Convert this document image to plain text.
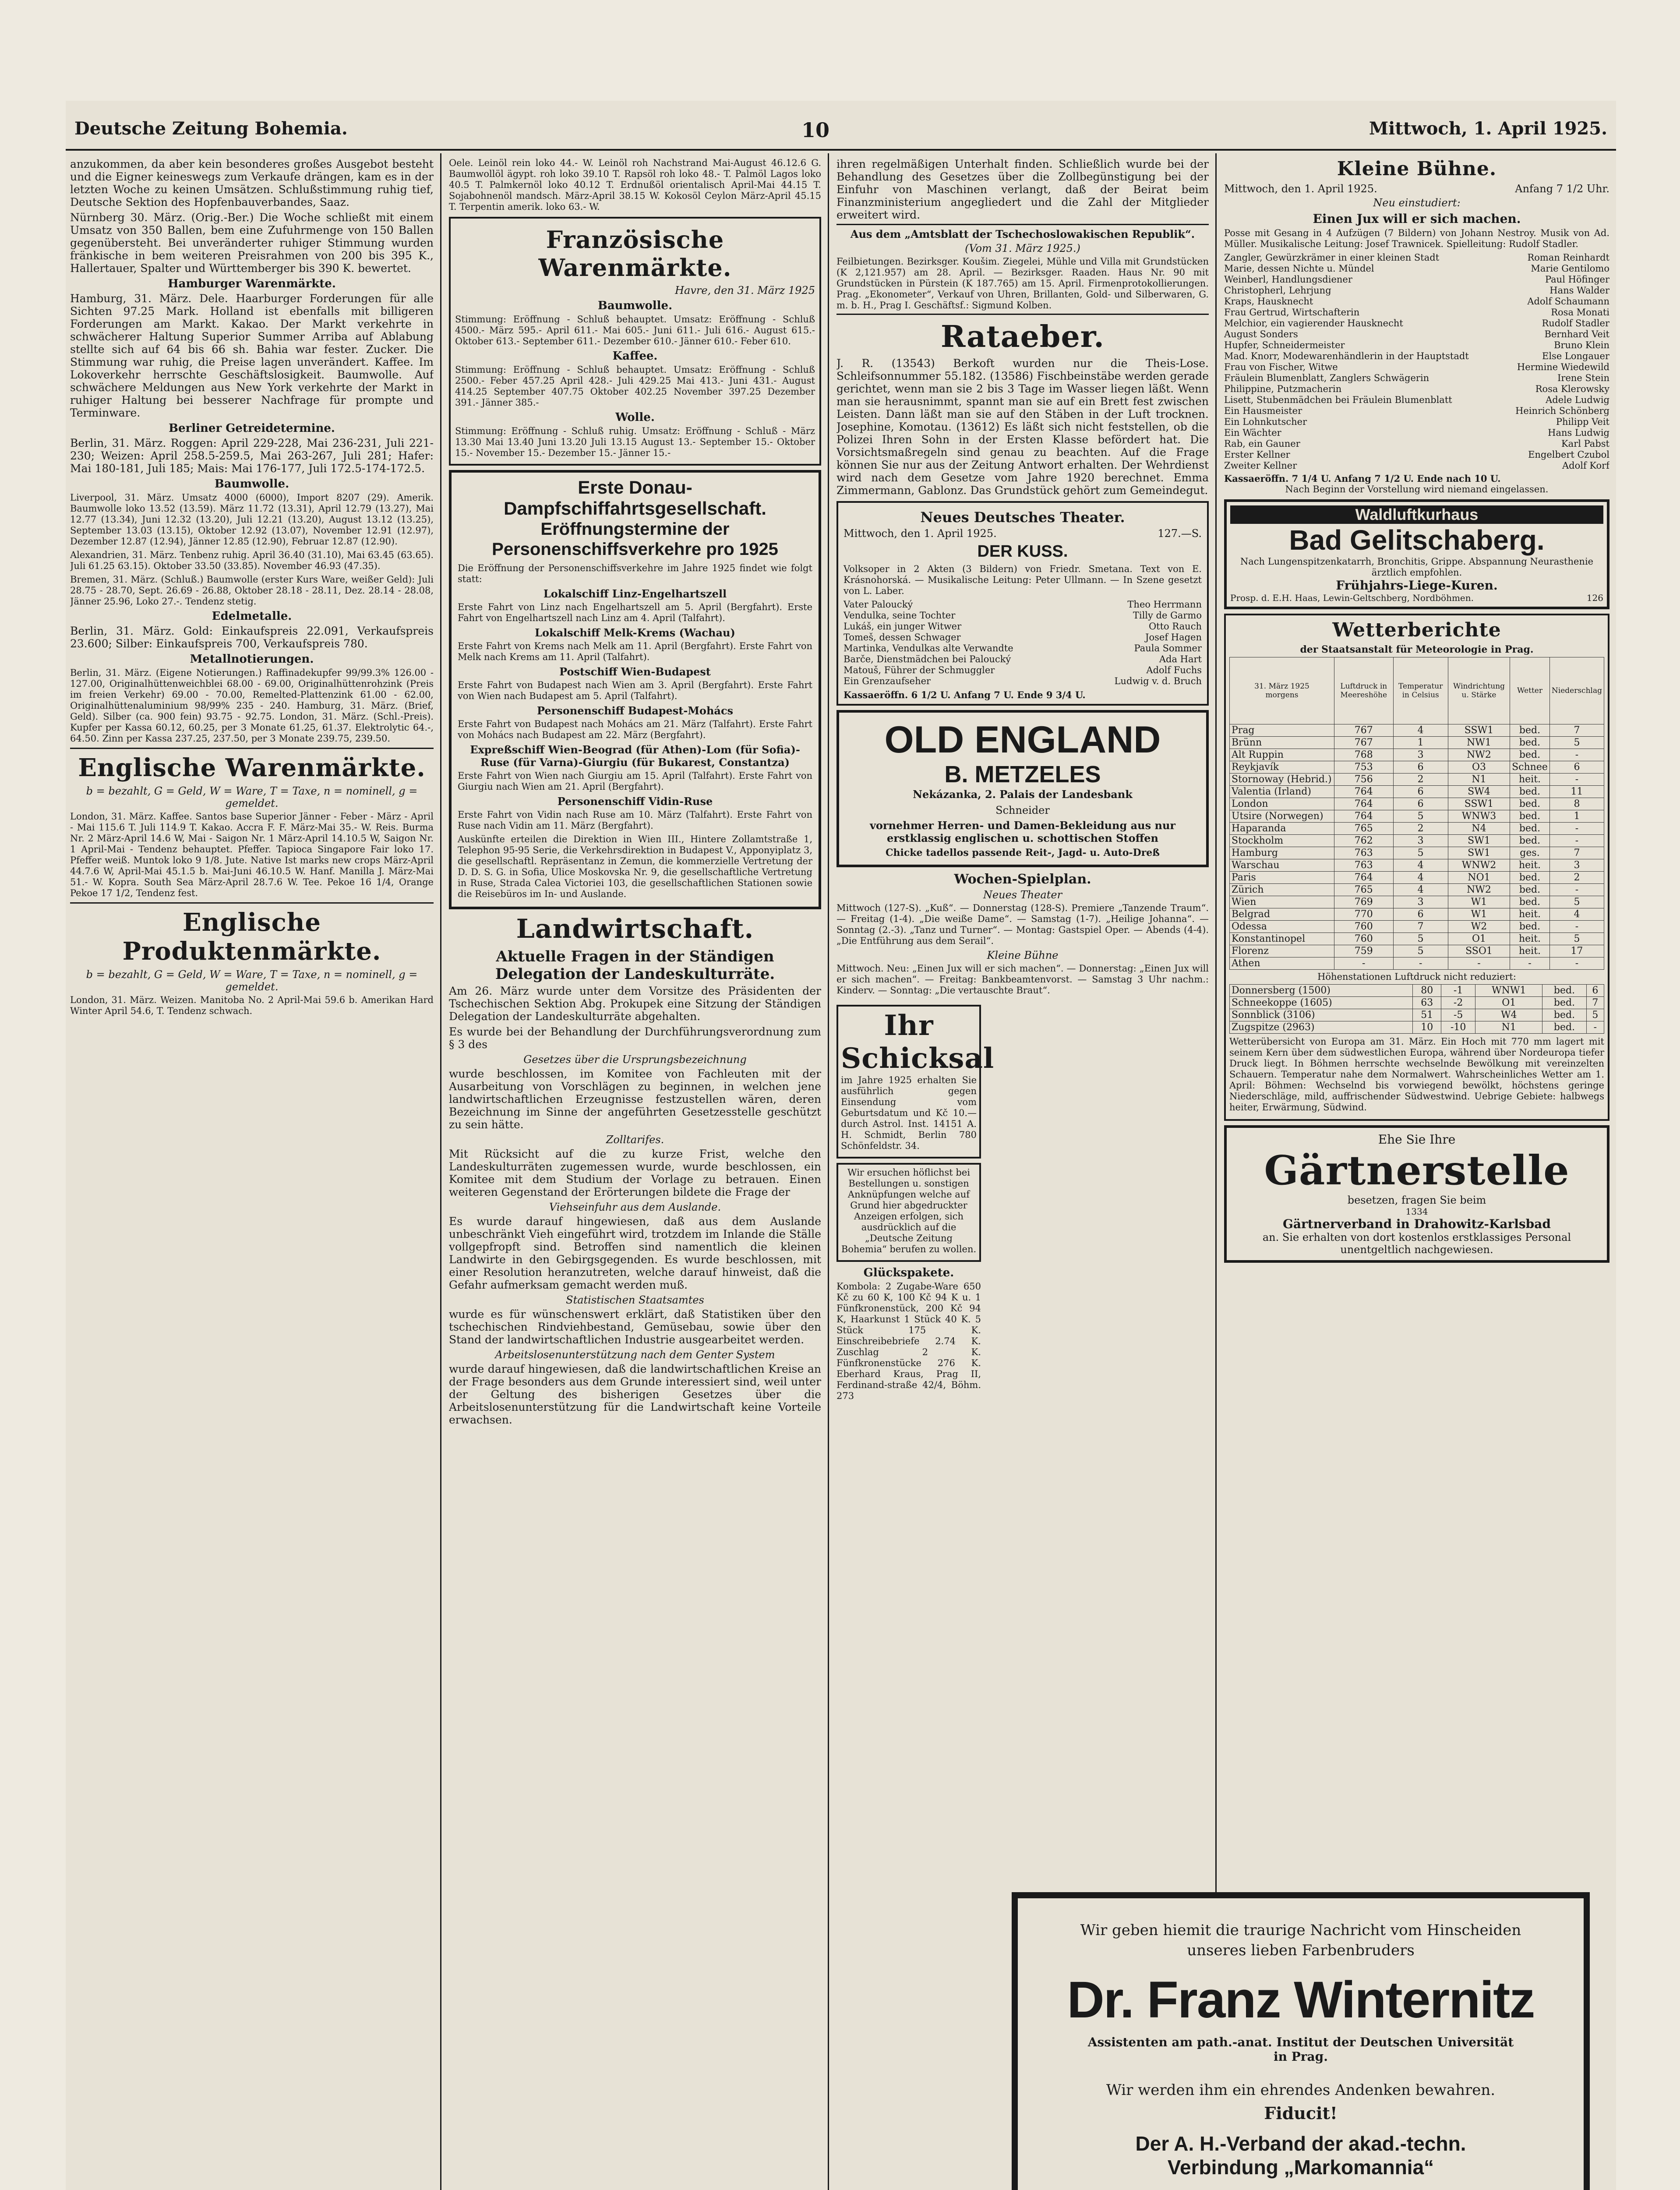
Deutsche Zeitung Bohemia.	10	Mittwoch, 1. April 1925.

anzukommen, da aber kein besonderes großes Ausgebot besteht und die Eigner keineswegs zum Verkaufe drängen, kam es in der letzten Woche zu keinen Umsätzen. Schlußstimmung ruhig tief, Deutsche Sektion des Hopfenbauverbandes, Saaz.

Nürnberg 30. März. (Orig.-Ber.) Die Woche schließt mit einem Umsatz von 350 Ballen, bem eine Zufuhrmenge von 150 Ballen gegenübersteht. Bei unveränderter ruhiger Stimmung wurden fränkische in bem weiteren Preisrahmen von 200 bis 395 K., Hallertauer, Spalter und Württemberger bis 390 K. bewertet.

Hamburger Warenmärkte.

Hamburg, 31. März. Dele. Haarburger Forderungen für alle Sichten 97.25 Mark. Holland ist ebenfalls mit billigeren Forderungen am Markt. Kakao. Der Markt verkehrte in schwächerer Haltung Superior Summer Arriba auf Ablabung stellte sich auf 64 bis 66 sh. Bahia war fester. Zucker. Die Stimmung war ruhig, die Preise lagen unverändert. Kaffee. Im Lokoverkehr herrschte Geschäftslosigkeit. Baumwolle. Auf schwächere Meldungen aus New York verkehrte der Markt in ruhiger Haltung bei besserer Nachfrage für prompte und Terminware.

Berliner Getreidetermine.

Berlin, 31. März. Roggen: April 229-228, Mai 236-231, Juli 221-230; Weizen: April 258.5-259.5, Mai 263-267, Juli 281; Hafer: Mai 180-181, Juli 185; Mais: Mai 176-177, Juli 172.5-174-172.5.

Baumwolle.

Liverpool, 31. März. Umsatz 4000 (6000), Import 8207 (29). Amerik. Baumwolle loko 13.52 (13.59). März 11.72 (13.31), April 12.79 (13.27), Mai 12.77 (13.34), Juni 12.32 (13.20), Juli 12.21 (13.20), August 13.12 (13.25), September 13.03 (13.15), Oktober 12.92 (13.07), November 12.91 (12.97), Dezember 12.87 (12.94), Jänner 12.85 (12.90), Februar 12.87 (12.90).

Alexandrien, 31. März. Tenbenz ruhig. April 36.40 (31.10), Mai 63.45 (63.65). Juli 61.25 63.15). Oktober 33.50 (33.85). November 46.93 (47.35).

Bremen, 31. März. (Schluß.) Baumwolle (erster Kurs Ware, weißer Geld): Juli 28.75 - 28.70, Sept. 26.69 - 26.88, Oktober 28.18 - 28.11, Dez. 28.14 - 28.08, Jänner 25.96, Loko 27.-. Tendenz stetig.

Edelmetalle.

Berlin, 31. März. Gold: Einkaufspreis 22.091, Verkaufspreis 23.600; Silber: Einkaufspreis 700, Verkaufspreis 780.

Metallnotierungen.

Berlin, 31. März. (Eigene Notierungen.) Raffinadekupfer 99/99.3% 126.00 - 127.00, Originalhüttenweichblei 68.00 - 69.00, Originalhüttenrohzink (Preis im freien Verkehr) 69.00 - 70.00, Remelted-Plattenzink 61.00 - 62.00, Originalhüttenaluminium 98/99% 235 - 240. Hamburg, 31. März. (Brief, Geld). Silber (ca. 900 fein) 93.75 - 92.75. London, 31. März. (Schl.-Preis). Kupfer per Kassa 60.12, 60.25, per 3 Monate 61.25, 61.37. Elektrolytic 64.-, 64.50. Zinn per Kassa 237.25, 237.50, per 3 Monate 239.75, 239.50.

Englische Warenmärkte.
b = bezahlt, G = Geld, W = Ware, T = Taxe, n = nominell, g = gemeldet.

London, 31. März. Kaffee. Santos base Superior Jänner - Feber - März - April - Mai 115.6 T. Juli 114.9 T. Kakao. Accra F. F. März-Mai 35.- W. Reis. Burma Nr. 2 März-April 14.6 W, Mai - Saigon Nr. 1 März-April 14.10.5 W, Saigon Nr. 1 April-Mai - Tendenz behauptet. Pfeffer. Tapioca Singapore Fair loko 17. Pfeffer weiß. Muntok loko 9 1/8. Jute. Native Ist marks new crops März-April 44.7.6 W, April-Mai 45.1.5 b. Mai-Juni 46.10.5 W. Hanf. Manilla J. März-Mai 51.- W. Kopra. South Sea März-April 28.7.6 W. Tee. Pekoe 16 1/4, Orange Pekoe 17 1/2, Tendenz fest.

Englische Produktenmärkte.
b = bezahlt, G = Geld, W = Ware, T = Taxe, n = nominell, g = gemeldet.

London, 31. März. Weizen. Manitoba No. 2 April-Mai 59.6 b. Amerikan Hard Winter April 54.6, T. Tendenz schwach.

Oele. Leinöl rein loko 44.- W. Leinöl roh Nachstrand Mai-August 46.12.6 G. Baumwollöl ägypt. roh loko 39.10 T. Rapsöl roh loko 48.- T. Palmöl Lagos loko 40.5 T. Palmkernöl loko 40.12 T. Erdnußöl orientalisch April-Mai 44.15 T. Sojabohnenöl mandsch. März-April 38.15 W. Kokosöl Ceylon März-April 45.15 T. Terpentin amerik. loko 63.- W.

Französische Warenmärkte.
Havre, den 31. März 1925
Baumwolle.

Stimmung: Eröffnung - Schluß behauptet. Umsatz: Eröffnung - Schluß 4500.- März 595.- April 611.- Mai 605.- Juni 611.- Juli 616.- August 615.- Oktober 613.- September 611.- Dezember 610.- Jänner 610.- Feber 610.

Kaffee.

Stimmung: Eröffnung - Schluß behauptet. Umsatz: Eröffnung - Schluß 2500.- Feber 457.25 April 428.- Juli 429.25 Mai 413.- Juni 431.- August 414.25 September 407.75 Oktober 402.25 November 397.25 Dezember 391.- Jänner 385.-

Wolle.

Stimmung: Eröffnung - Schluß ruhig. Umsatz: Eröffnung - Schluß - März 13.30 Mai 13.40 Juni 13.20 Juli 13.15 August 13.- September 15.- Oktober 15.- November 15.- Dezember 15.- Jänner 15.-

Erste Donau-Dampfschiffahrtsgesellschaft.
Eröffnungstermine der Personenschiffsverkehre pro 1925

Die Eröffnung der Personenschiffsverkehre im Jahre 1925 findet wie folgt statt:

Lokalschiff Linz-Engelhartszell

Erste Fahrt von Linz nach Engelhartszell am 5. April (Bergfahrt). Erste Fahrt von Engelhartszell nach Linz am 4. April (Talfahrt).

Lokalschiff Melk-Krems (Wachau)

Erste Fahrt von Krems nach Melk am 11. April (Bergfahrt). Erste Fahrt von Melk nach Krems am 11. April (Talfahrt).

Postschiff Wien-Budapest

Erste Fahrt von Budapest nach Wien am 3. April (Bergfahrt). Erste Fahrt von Wien nach Budapest am 5. April (Talfahrt).

Personenschiff Budapest-Mohács

Erste Fahrt von Budapest nach Mohács am 21. März (Talfahrt). Erste Fahrt von Mohács nach Budapest am 22. März (Bergfahrt).

Expreßschiff Wien-Beograd (für Athen)-Lom (für Sofia)-Ruse (für Varna)-Giurgiu (für Bukarest, Constantza)

Erste Fahrt von Wien nach Giurgiu am 15. April (Talfahrt). Erste Fahrt von Giurgiu nach Wien am 21. April (Bergfahrt).

Personenschiff Vidin-Ruse

Erste Fahrt von Vidin nach Ruse am 10. März (Talfahrt). Erste Fahrt von Ruse nach Vidin am 11. März (Bergfahrt).

Auskünfte erteilen die Direktion in Wien III., Hintere Zollamtstraße 1, Telephon 95-95 Serie, die Verkehrsdirektion in Budapest V., Apponyiplatz 3, die gesellschaftl. Repräsentanz in Zemun, die kommerzielle Vertretung der D. D. S. G. in Sofia, Ulice Moskovska Nr. 9, die gesellschaftliche Vertretung in Ruse, Strada Calea Victoriei 103, die gesellschaftlichen Stationen sowie die Reisebüros im In- und Auslande.

Landwirtschaft.
Aktuelle Fragen in der Ständigen Delegation der Landeskulturräte.

Am 26. März wurde unter dem Vorsitze des Präsidenten der Tschechischen Sektion Abg. Prokupek eine Sitzung der Ständigen Delegation der Landeskulturräte abgehalten.

Es wurde bei der Behandlung der Durchführungsverordnung zum § 3 des

Gesetzes über die Ursprungsbezeichnung

wurde beschlossen, im Komitee von Fachleuten mit der Ausarbeitung von Vorschlägen zu beginnen, in welchen jene landwirtschaftlichen Erzeugnisse festzustellen wären, deren Bezeichnung im Sinne der angeführten Gesetzesstelle geschützt zu sein hätte.

Zolltarifes.

Mit Rücksicht auf die zu kurze Frist, welche den Landeskulturräten zugemessen wurde, wurde beschlossen, ein Komitee mit dem Studium der Vorlage zu betrauen. Einen weiteren Gegenstand der Erörterungen bildete die Frage der

Viehseinfuhr aus dem Auslande.

Es wurde darauf hingewiesen, daß aus dem Auslande unbeschränkt Vieh eingeführt wird, trotzdem im Inlande die Ställe vollgepfropft sind. Betroffen sind namentlich die kleinen Landwirte in den Gebirgsgegenden. Es wurde beschlossen, mit einer Resolution heranzutreten, welche darauf hinweist, daß die Gefahr aufmerksam gemacht werden muß.

Statistischen Staatsamtes

wurde es für wünschenswert erklärt, daß Statistiken über den tschechischen Rindviehbestand, Gemüsebau, sowie über den Stand der landwirtschaftlichen Industrie ausgearbeitet werden.

Arbeitslosenunterstützung nach dem Genter System

wurde darauf hingewiesen, daß die landwirtschaftlichen Kreise an der Frage besonders aus dem Grunde interessiert sind, weil unter der Geltung des bisherigen Gesetzes über die Arbeitslosenunterstützung für die Landwirtschaft keine Vorteile erwachsen.

ihren regelmäßigen Unterhalt finden. Schließlich wurde bei der Behandlung des Gesetzes über die Zollbegünstigung bei der Einfuhr von Maschinen verlangt, daß der Beirat beim Finanzministerium angegliedert und die Zahl der Mitglieder erweitert wird.

Aus dem „Amtsblatt der Tschechoslowakischen Republik“.
(Vom 31. März 1925.)

Feilbietungen. Bezirksger. Koušim. Ziegelei, Mühle und Villa mit Grundstücken (K 2,121.957) am 28. April. — Bezirksger. Raaden. Haus Nr. 90 mit Grundstücken in Pürstein (K 187.765) am 15. April. Firmenprotokollierungen. Prag. „Ekonometer“, Verkauf von Uhren, Brillanten, Gold- und Silberwaren, G. m. b. H., Prag I. Geschäftsf.: Sigmund Kolben.

Rataeber.

J. R. (13543) Berkoft wurden nur die Theis-Lose. Schleifsonnummer 55.182. (13586) Fischbeinstäbe werden gerade gerichtet, wenn man sie 2 bis 3 Tage im Wasser liegen läßt. Wenn man sie herausnimmt, spannt man sie auf ein Brett fest zwischen Leisten. Dann läßt man sie auf den Stäben in der Luft trocknen. Josephine, Komotau. (13612) Es läßt sich nicht feststellen, ob die Polizei Ihren Sohn in der Ersten Klasse befördert hat. Die Vorsichtsmaßregeln sind genau zu beachten. Auf die Frage können Sie nur aus der Zeitung Antwort erhalten. Der Wehrdienst wird nach dem Gesetze vom Jahre 1920 berechnet. Emma Zimmermann, Gablonz. Das Grundstück gehört zum Gemeindegut.

Neues Deutsches Theater.
Mittwoch, den 1. April 1925.	127.—S.
DER KUSS.

Volksoper in 2 Akten (3 Bildern) von Friedr. Smetana. Text von E. Krásnohorská. — Musikalische Leitung: Peter Ullmann. — In Szene gesetzt von L. Laber.

Vater Paloucký	Theo Herrmann
Vendulka, seine Tochter	Tilly de Garmo
Lukáš, ein junger Witwer	Otto Rauch
Tomeš, dessen Schwager	Josef Hagen
Martinka, Vendulkas alte Verwandte	Paula Sommer
Barče, Dienstmädchen bei Paloucký	Ada Hart
Matouš, Führer der Schmuggler	Adolf Fuchs
Ein Grenzaufseher	Ludwig v. d. Bruch
Kassaeröffn. 6 1/2 U. Anfang 7 U. Ende 9 3/4 U.
OLD ENGLAND
B. METZELES
Nekázanka, 2. Palais der Landesbank
Schneider
vornehmer Herren- und Damen-Bekleidung aus nur erstklassig englischen u. schottischen Stoffen
Chicke tadellos passende Reit-, Jagd- u. Auto-Dreß
Wochen-Spielplan.
Neues Theater

Mittwoch (127-S). „Kuß“. — Donnerstag (128-S). Premiere „Tanzende Traum“. — Freitag (1-4). „Die weiße Dame“. — Samstag (1-7). „Heilige Johanna“. — Sonntag (2.-3). „Tanz und Turner“. — Montag: Gastspiel Oper. — Abends (4-4). „Die Entführung aus dem Serail“.

Kleine Bühne

Mittwoch. Neu: „Einen Jux will er sich machen“. — Donnerstag: „Einen Jux will er sich machen“. — Freitag: Bankbeamtenvorst. — Samstag 3 Uhr nachm.: Kinderv. — Sonntag: „Die vertauschte Braut“.

Ihr Schicksal

im Jahre 1925 erhalten Sie ausführlich gegen Einsendung vom Geburtsdatum und Kč 10.— durch Astrol. Inst. 14151 A. H. Schmidt, Berlin 780 Schönfeldstr. 34.

Wir ersuchen höflichst bei Bestellungen u. sonstigen Anknüpfungen welche auf Grund hier abgedruckter Anzeigen erfolgen, sich ausdrücklich auf die „Deutsche Zeitung Bohemia“ berufen zu wollen.

Glückspakete.

Kombola: 2 Zugabe-Ware 650 Kč zu 60 K, 100 Kč 94 K u. 1 Fünfkronenstück, 200 Kč 94 K, Haarkunst 1 Stück 40 K. 5 Stück 175 K. Einschreibebriefe 2.74 K. Zuschlag 2 K. Fünfkronenstücke 276 K. Eberhard Kraus, Prag II, Ferdinand-straße 42/4, Böhm. 273

Kleine Bühne.
Mittwoch, den 1. April 1925.	Anfang 7 1/2 Uhr.
Neu einstudiert:
Einen Jux will er sich machen.

Posse mit Gesang in 4 Aufzügen (7 Bildern) von Johann Nestroy. Musik von Ad. Müller. Musikalische Leitung: Josef Trawnicek. Spielleitung: Rudolf Stadler.

Zangler, Gewürzkrämer in einer kleinen Stadt	Roman Reinhardt
Marie, dessen Nichte u. Mündel	Marie Gentilomo
Weinberl, Handlungsdiener	Paul Höfinger
Christopherl, Lehrjung	Hans Walder
Kraps, Hausknecht	Adolf Schaumann
Frau Gertrud, Wirtschafterin	Rosa Monati
Melchior, ein vagierender Hausknecht	Rudolf Stadler
August Sonders	Bernhard Veit
Hupfer, Schneidermeister	Bruno Klein
Mad. Knorr, Modewarenhändlerin in der Hauptstadt	Else Longauer
Frau von Fischer, Witwe	Hermine Wiedewild
Fräulein Blumenblatt, Zanglers Schwägerin	Irene Stein
Philippine, Putzmacherin	Rosa Klerowsky
Lisett, Stubenmädchen bei Fräulein Blumenblatt	Adele Ludwig
Ein Hausmeister	Heinrich Schönberg
Ein Lohnkutscher	Philipp Veit
Ein Wächter	Hans Ludwig
Rab, ein Gauner	Karl Pabst
Erster Kellner	Engelbert Czubol
Zweiter Kellner	Adolf Korf
Kassaeröffn. 7 1/4 U. Anfang 7 1/2 U. Ende nach 10 U.
Nach Beginn der Vorstellung wird niemand eingelassen.
Waldluftkurhaus
Bad Gelitschaberg.
Nach Lungenspitzenkatarrh, Bronchitis, Grippe. Abspannung Neurasthenie ärztlich empfohlen.
Frühjahrs-Liege-Kuren.
Prosp. d. E.H. Haas, Lewin-Geltschberg, Nordböhmen.	126
Wetterberichte
der Staatsanstalt für Meteorologie in Prag.
31. März 1925
morgens	Luftdruck in Meereshöhe	Temperatur in Celsius	Windrichtung u. Stärke	Wetter	Niederschlag
Prag	767	4	SSW1	bed.	7
Brünn	767	1	NW1	bed.	5
Alt Ruppin	768	3	NW2	bed.	-
Reykjavík	753	6	O3	Schnee	6
Stornoway (Hebrid.)	756	2	N1	heit.	-
Valentia (Irland)	764	6	SW4	bed.	11
London	764	6	SSW1	bed.	8
Utsire (Norwegen)	764	5	WNW3	bed.	1
Haparanda	765	2	N4	bed.	-
Stockholm	762	3	SW1	bed.	-
Hamburg	763	5	SW1	ges.	7
Warschau	763	4	WNW2	heit.	3
Paris	764	4	NO1	bed.	2
Zürich	765	4	NW2	bed.	-
Wien	769	3	W1	bed.	5
Belgrad	770	6	W1	heit.	4
Odessa	760	7	W2	bed.	-
Konstantinopel	760	5	O1	heit.	5
Florenz	759	5	SSO1	heit.	17
Athen	-	-	-	-	-
Höhenstationen Luftdruck nicht reduziert:
Donnersberg (1500)	80	-1	WNW1	bed.	6
Schneekoppe (1605)	63	-2	O1	bed.	7
Sonnblick (3106)	51	-5	W4	bed.	5
Zugspitze (2963)	10	-10	N1	bed.	-

Wetterübersicht von Europa am 31. März. Ein Hoch mit 770 mm lagert mit seinem Kern über dem südwestlichen Europa, während über Nordeuropa tiefer Druck liegt. In Böhmen herrschte wechselnde Bewölkung mit vereinzelten Schauern. Temperatur nahe dem Normalwert. Wahrscheinliches Wetter am 1. April: Böhmen: Wechselnd bis vorwiegend bewölkt, höchstens geringe Niederschläge, mild, auffrischender Südwestwind. Uebrige Gebiete: halbwegs heiter, Erwärmung, Südwind.

Ehe Sie Ihre
Gärtnerstelle
besetzen, fragen Sie beim
1334
Gärtnerverband in Drahowitz-Karlsbad
an. Sie erhalten von dort kostenlos erstklassiges Personal unentgeltlich nachgewiesen.
Wir geben hiemit die traurige Nachricht vom Hinscheiden unseres lieben Farbenbruders
Dr. Franz Winternitz
Assistenten am path.-anat. Institut der Deutschen Universität in Prag.
Wir werden ihm ein ehrendes Andenken bewahren.
Fiducit!
Der A. H.-Verband der akad.-techn.
Verbindung „Markomannia“
